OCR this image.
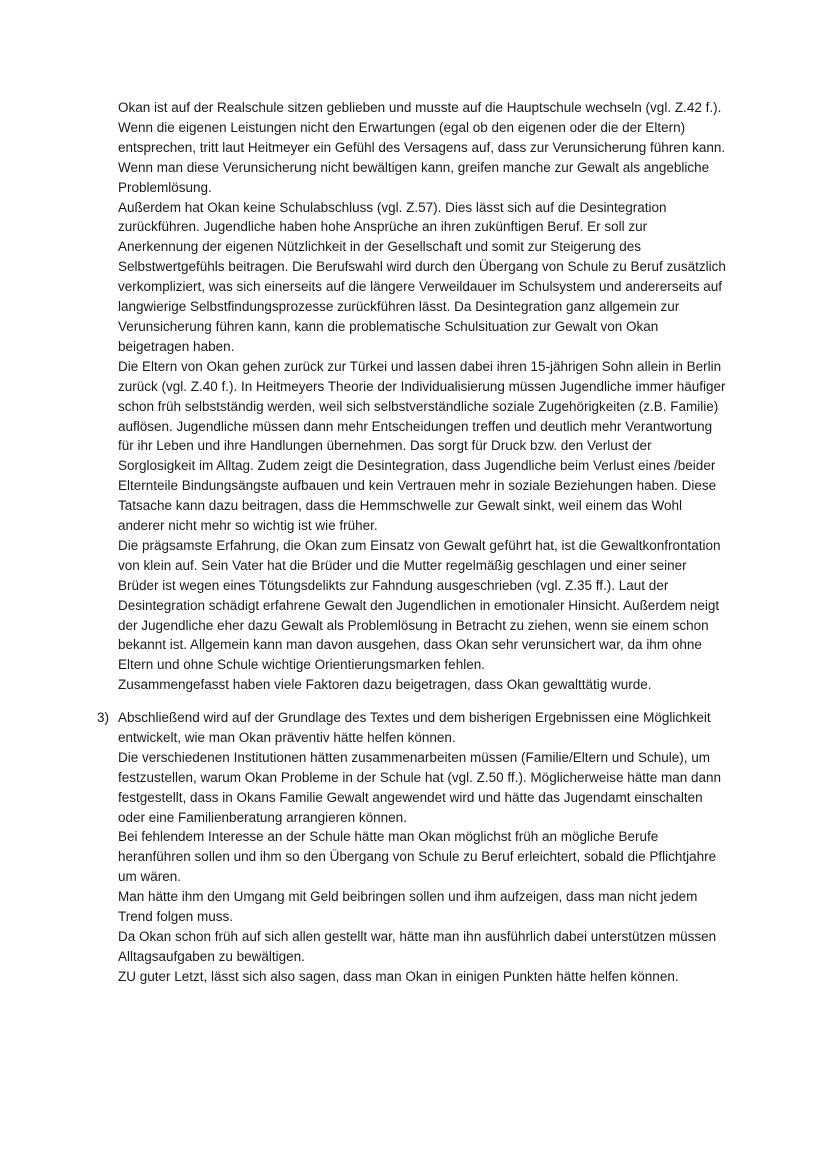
Okan ist auf der Realschule sitzen geblieben und musste auf die Hauptschule wechseln (vgl. Z.42 f.). Wenn die eigenen Leistungen nicht den Erwartungen (egal ob den eigenen oder die der Eltern) entsprechen, tritt laut Heitmeyer ein Gefühl des Versagens auf, dass zur Verunsicherung führen kann. Wenn man diese Verunsicherung nicht bewältigen kann, greifen manche zur Gewalt als angebliche Problemlösung.

Außerdem hat Okan keine Schulabschluss (vgl. Z.57). Dies lässt sich auf die Desintegration zurückführen. Jugendliche haben hohe Ansprüche an ihren zukünftigen Beruf. Er soll zur Anerkennung der eigenen Nützlichkeit in der Gesellschaft und somit zur Steigerung des Selbstwertgefühls beitragen. Die Berufswahl wird durch den Übergang von Schule zu Beruf zusätzlich verkompliziert, was sich einerseits auf die längere Verweildauer im Schulsystem und andererseits auf langwierige Selbstfindungsprozesse zurückführen lässt. Da Desintegration ganz allgemein zur Verunsicherung führen kann, kann die problematische Schulsituation zur Gewalt von Okan beigetragen haben.

Die Eltern von Okan gehen zurück zur Türkei und lassen dabei ihren 15-jährigen Sohn allein in Berlin zurück (vgl. Z.40 f.). In Heitmeyers Theorie der Individualisierung müssen Jugendliche immer häufiger schon früh selbstständig werden, weil sich selbstverständliche soziale Zugehörigkeiten (z.B. Familie) auflösen. Jugendliche müssen dann mehr Entscheidungen treffen und deutlich mehr Verantwortung für ihr Leben und ihre Handlungen übernehmen. Das sorgt für Druck bzw. den Verlust der Sorglosigkeit im Alltag. Zudem zeigt die Desintegration, dass Jugendliche beim Verlust eines /beider Elternteile Bindungsängste aufbauen und kein Vertrauen mehr in soziale Beziehungen haben. Diese Tatsache kann dazu beitragen, dass die Hemmschwelle zur Gewalt sinkt, weil einem das Wohl anderer nicht mehr so wichtig ist wie früher.

Die prägsamste Erfahrung, die Okan zum Einsatz von Gewalt geführt hat, ist die Gewaltkonfrontation von klein auf. Sein Vater hat die Brüder und die Mutter regelmäßig geschlagen und einer seiner Brüder ist wegen eines Tötungsdelikts zur Fahndung ausgeschrieben (vgl. Z.35 ff.). Laut der Desintegration schädigt erfahrene Gewalt den Jugendlichen in emotionaler Hinsicht. Außerdem neigt der Jugendliche eher dazu Gewalt als Problemlösung in Betracht zu ziehen, wenn sie einem schon bekannt ist. Allgemein kann man davon ausgehen, dass Okan sehr verunsichert war, da ihm ohne Eltern und ohne Schule wichtige Orientierungsmarken fehlen.

Zusammengefasst haben viele Faktoren dazu beigetragen, dass Okan gewalttätig wurde.

3) Abschließend wird auf der Grundlage des Textes und dem bisherigen Ergebnissen eine Möglichkeit entwickelt, wie man Okan präventiv hätte helfen können.

Die verschiedenen Institutionen hätten zusammenarbeiten müssen (Familie/Eltern und Schule), um festzustellen, warum Okan Probleme in der Schule hat (vgl. Z.50 ff.). Möglicherweise hätte man dann festgestellt, dass in Okans Familie Gewalt angewendet wird und hätte das Jugendamt einschalten oder eine Familienberatung arrangieren können.

Bei fehlendem Interesse an der Schule hätte man Okan möglichst früh an mögliche Berufe heranführen sollen und ihm so den Übergang von Schule zu Beruf erleichtert, sobald die Pflichtjahre um wären.

Man hätte ihm den Umgang mit Geld beibringen sollen und ihm aufzeigen, dass man nicht jedem Trend folgen muss.

Da Okan schon früh auf sich allen gestellt war, hätte man ihn ausführlich dabei unterstützen müssen Alltagsaufgaben zu bewältigen.

ZU guter Letzt, lässt sich also sagen, dass man Okan in einigen Punkten hätte helfen können.
